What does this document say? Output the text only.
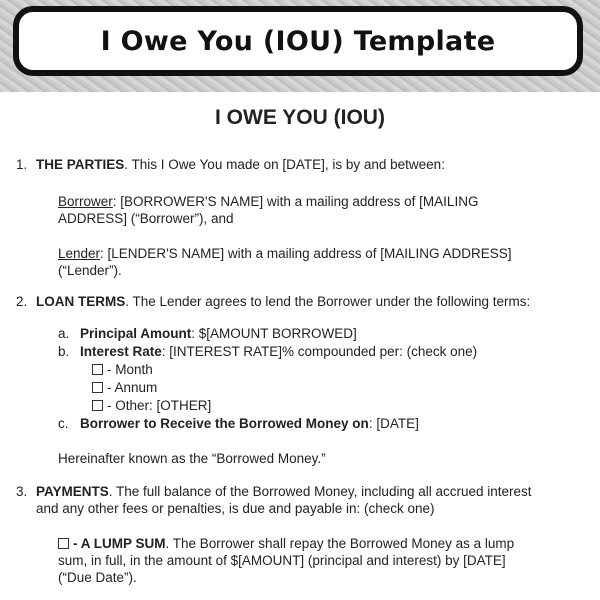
I Owe You (IOU) Template
I OWE YOU (IOU)
1. THE PARTIES. This I Owe You made on [DATE], is by and between:
Borrower: [BORROWER'S NAME] with a mailing address of [MAILING
ADDRESS] (“Borrower”), and
Lender: [LENDER'S NAME] with a mailing address of [MAILING ADDRESS]
(“Lender”).
2. LOAN TERMS. The Lender agrees to lend the Borrower under the following terms:
a. Principal Amount: $[AMOUNT BORROWED]
b. Interest Rate: [INTEREST RATE]% compounded per: (check one)
- Month
- Annum
- Other: [OTHER]
c. Borrower to Receive the Borrowed Money on: [DATE]
Hereinafter known as the “Borrowed Money.”
3. PAYMENTS. The full balance of the Borrowed Money, including all accrued interest
and any other fees or penalties, is due and payable in: (check one)
- A LUMP SUM. The Borrower shall repay the Borrowed Money as a lump
sum, in full, in the amount of $[AMOUNT] (principal and interest) by [DATE]
(“Due Date”).
